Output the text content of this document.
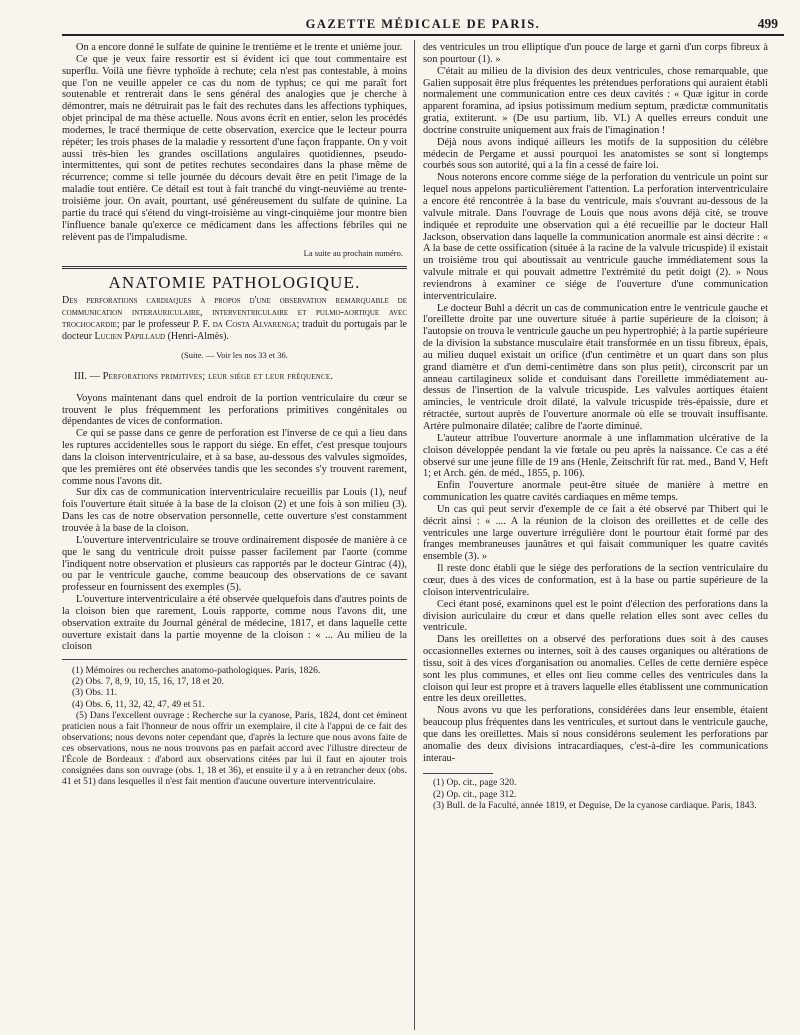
GAZETTE MÉDICALE DE PARIS.	499

On a encore donné le sulfate de quinine le trentième et le trente et unième jour.

Ce que je veux faire ressortir est si évident ici que tout commentaire est superflu. Voilà une fièvre typhoïde à rechute; cela n'est pas contestable, à moins que l'on ne veuille appeler ce cas du nom de typhus; ce qui me paraît fort soutenable et rentrerait dans le sens général des analogies que je cherche à démontrer, mais ne détruirait pas le fait des rechutes dans les affections typhiques, objet principal de ma thèse actuelle. Nous avons écrit en entier, selon les procédés modernes, le tracé thermique de cette observation, exercice que le lecteur pourra répéter; les trois phases de la maladie y ressortent d'une façon frappante. On y voit aussi très-bien les grandes oscillations angulaires quotidiennes, pseudo-intermittentes, qui sont de petites rechutes secondaires dans la phase même de récurrence; comme si telle journée du décours devait être en petit l'image de la maladie tout entière. Ce détail est tout à fait tranché du vingt-neuvième au trente-troisième jour. On avait, pourtant, usé généreusement du sulfate de quinine. La partie du tracé qui s'étend du vingt-troisième au vingt-cinquième jour montre bien l'influence banale qu'exerce ce médicament dans les affections fébriles qui ne relèvent pas de l'impaludisme.

La suite au prochain numéro.
ANATOMIE PATHOLOGIQUE.
Des perforations cardiaques à propos d'une observation remarquable de communication interauriculaire, interventriculaire et pulmo-aortique avec trochocardie; par le professeur P. F. da Costa Alvarenga; traduit du portugais par le docteur Lucien Papillaud (Henri-Almès).
(Suite. — Voir les nos 33 et 36.
III. — Perforations primitives; leur siége et leur fréquence.

Voyons maintenant dans quel endroit de la portion ventriculaire du cœur se trouvent le plus fréquemment les perforations primitives congénitales ou dépendantes de vices de conformation.

Ce qui se passe dans ce genre de perforation est l'inverse de ce qui a lieu dans les ruptures accidentelles sous le rapport du siége. En effet, c'est presque toujours dans la cloison interventriculaire, et à sa base, au-dessous des valvules sigmoïdes, que les premières ont été observées tandis que les secondes s'y trouvent rarement, comme nous l'avons dit.

Sur dix cas de communication interventriculaire recueillis par Louis (1), neuf fois l'ouverture était située à la base de la cloison (2) et une fois à son milieu (3). Dans les cas de notre observation personnelle, cette ouverture s'est constamment trouvée à la base de la cloison.

L'ouverture interventriculaire se trouve ordinairement disposée de manière à ce que le sang du ventricule droit puisse passer facilement par l'aorte (comme l'indiquent notre observation et plusieurs cas rapportés par le docteur Gintrac (4)), ou par le ventricule gauche, comme beaucoup des observations de ce savant professeur en fournissent des exemples (5).

L'ouverture interventriculaire a été observée quelquefois dans d'autres points de la cloison bien que rarement, Louis rapporte, comme nous l'avons dit, une observation extraite du Journal général de médecine, 1817, et dans laquelle cette ouverture existait dans la partie moyenne de la cloison : « ... Au milieu de la cloison

(1) Mémoires ou recherches anatomo-pathologiques. Paris, 1826.

(2) Obs. 7, 8, 9, 10, 15, 16, 17, 18 et 20.

(3) Obs. 11.

(4) Obs. 6, 11, 32, 42, 47, 49 et 51.

(5) Dans l'excellent ouvrage : Recherche sur la cyanose, Paris, 1824, dont cet éminent praticien nous a fait l'honneur de nous offrir un exemplaire, il cite à l'appui de ce fait des observations; nous devons noter cependant que, d'après la lecture que nous avons faite de ces observations, nous ne nous trouvons pas en parfait accord avec l'illustre directeur de l'École de Bordeaux : d'abord aux observations citées par lui il faut en ajouter trois consignées dans son ouvrage (obs. 1, 18 et 36), et ensuite il y a à en retrancher deux (obs. 41 et 51) dans lesquelles il n'est fait mention d'aucune ouverture interventriculaire.

des ventricules un trou elliptique d'un pouce de large et garni d'un corps fibreux à son pourtour (1). »

C'était au milieu de la division des deux ventricules, chose remarquable, que Galien supposait être plus fréquentes les prétendues perforations qui auraient établi normalement une communication entre ces deux cavités : « Quæ igitur in corde apparent foramina, ad ipsius potissimum medium septum, prædictæ communitatis gratia, extiterunt. » (De usu partium, lib. VI.) A quelles erreurs conduit une doctrine construite uniquement aux frais de l'imagination !

Déjà nous avons indiqué ailleurs les motifs de la supposition du célèbre médecin de Pergame et aussi pourquoi les anatomistes se sont si longtemps courbés sous son autorité, qui a la fin a cessé de faire loi.

Nous noterons encore comme siége de la perforation du ventricule un point sur lequel nous appelons particulièrement l'attention. La perforation interventriculaire a encore été rencontrée à la base du ventricule, mais s'ouvrant au-dessous de la valvule mitrale. Dans l'ouvrage de Louis que nous avons déjà cité, se trouve indiquée et reproduite une observation qui a été recueillie par le docteur Hall Jackson, observation dans laquelle la communication anormale est ainsi décrite : « A la base de cette ossification (située à la racine de la valvule tricuspide) il existait un troisième trou qui aboutissait au ventricule gauche immédiatement sous la valvule mitrale et qui pouvait admettre l'extrémité du petit doigt (2). » Nous reviendrons à examiner ce siége de l'ouverture d'une communication interventriculaire.

Le docteur Buhl a décrit un cas de communication entre le ventricule gauche et l'oreillette droite par une ouverture située à partie supérieure de la cloison; à l'autopsie on trouva le ventricule gauche un peu hypertrophié; à la partie supérieure de la division la substance musculaire était transformée en un tissu fibreux, épais, au milieu duquel existait un orifice (d'un centimètre et un quart dans son plus grand diamètre et d'un demi-centimètre dans son plus petit), circonscrit par un anneau cartilagineux solide et conduisant dans l'oreillette immédiatement au-dessus de l'insertion de la valvule tricuspide. Les valvules aortiques étaient amincies, le ventricule droit dilaté, la valvule tricuspide très-épaissie, dure et rétractée, surtout auprès de l'ouverture anormale où elle se trouvait insuffisante. Artère pulmonaire dilatée; calibre de l'aorte diminué.

L'auteur attribue l'ouverture anormale à une inflammation ulcérative de la cloison développée pendant la vie fœtale ou peu après la naissance. Ce cas a été observé sur une jeune fille de 19 ans (Henle, Zeitschrift für rat. med., Band V, Heft 1; et Arch. gén. de méd., 1855, p. 106).

Enfin l'ouverture anormale peut-être située de manière à mettre en communication les quatre cavités cardiaques en même temps.

Un cas qui peut servir d'exemple de ce fait a été observé par Thibert qui le décrit ainsi : « .... A la réunion de la cloison des oreillettes et de celle des ventricules une large ouverture irrégulière dont le pourtour était formé par des franges membraneuses jaunâtres et qui faisait communiquer les quatre cavités ensemble (3). »

Il reste donc établi que le siége des perforations de la section ventriculaire du cœur, dues à des vices de conformation, est à la base ou partie supérieure de la cloison interventriculaire.

Ceci étant posé, examinons quel est le point d'élection des perforations dans la division auriculaire du cœur et dans quelle relation elles sont avec celles du ventricule.

Dans les oreillettes on a observé des perforations dues soit à des causes occasionnelles externes ou internes, soit à des causes organiques ou altérations de tissu, soit à des vices d'organisation ou anomalies. Celles de cette dernière espèce sont les plus communes, et elles ont lieu comme celles des ventricules dans la cloison qui leur est propre et à travers laquelle elles établissent une communication entre les deux oreillettes.

Nous avons vu que les perforations, considérées dans leur ensemble, étaient beaucoup plus fréquentes dans les ventricules, et surtout dans le ventricule gauche, que dans les oreillettes. Mais si nous considérons seulement les perforations par anomalie des deux divisions intracardiaques, c'est-à-dire les communications interau-

(1) Op. cit., page 320.

(2) Op. cit., page 312.

(3) Bull. de la Faculté, année 1819, et Deguise, De la cyanose cardiaque. Paris, 1843.
